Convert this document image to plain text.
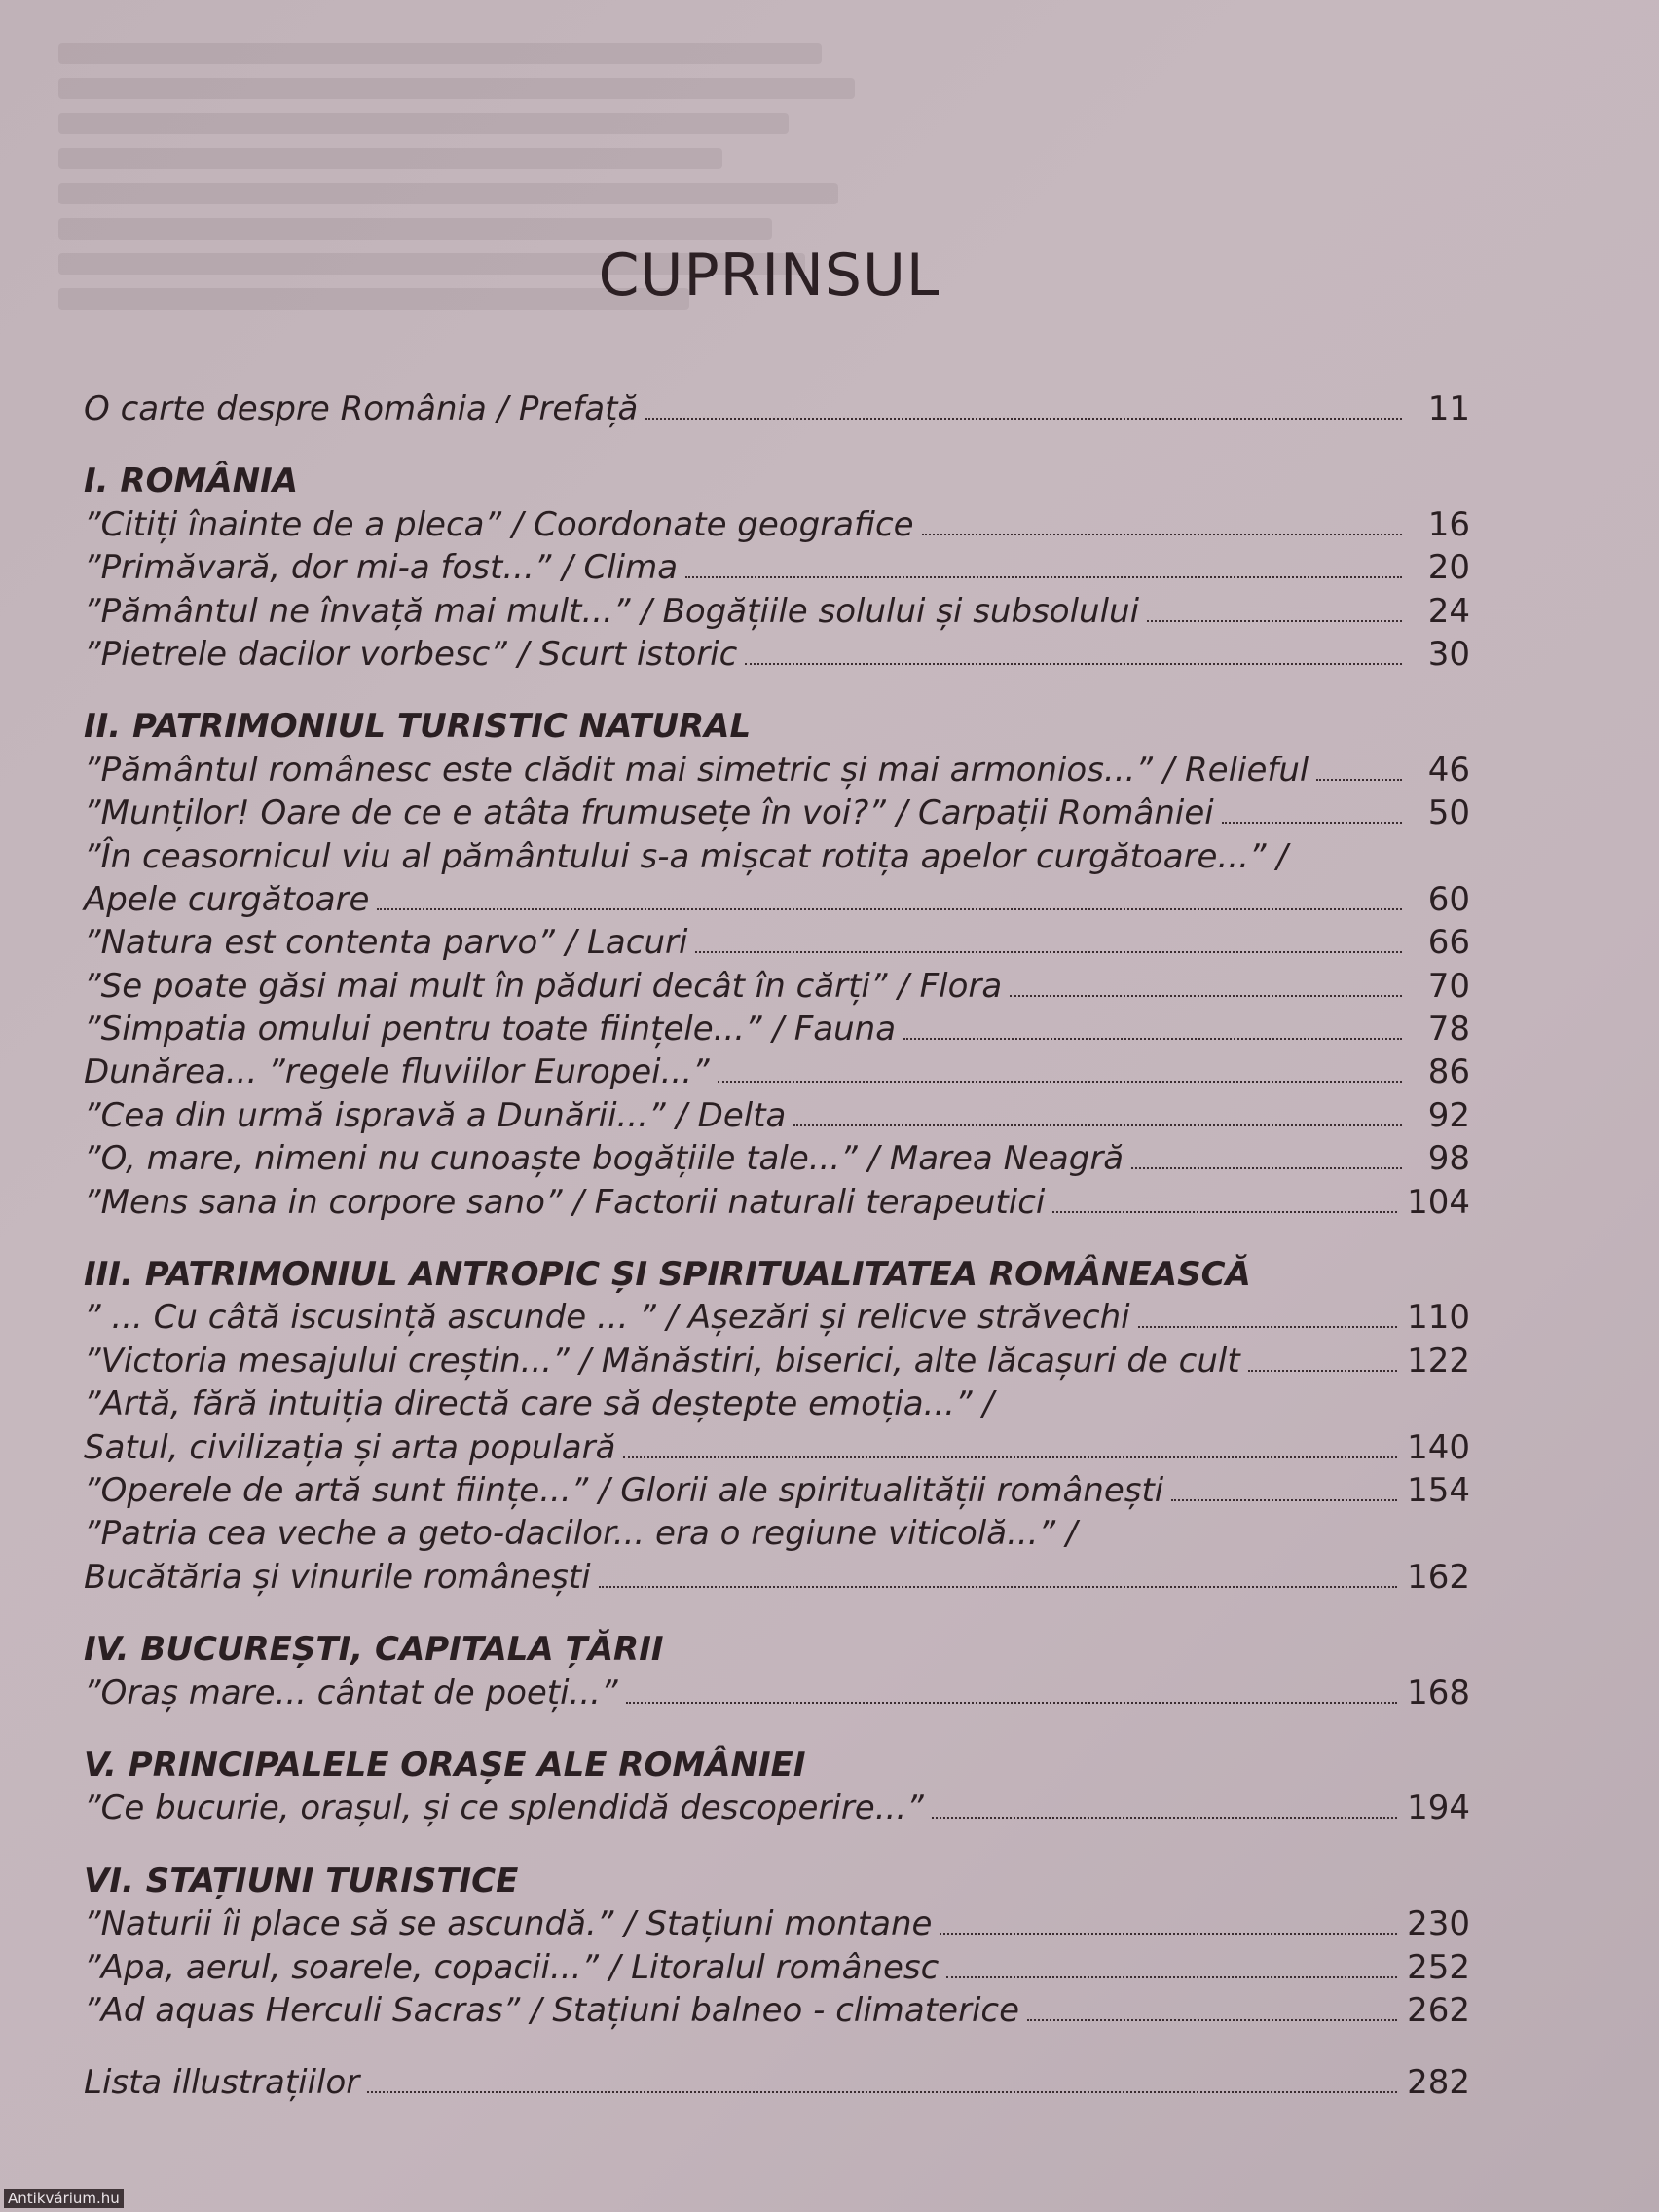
CUPRINSUL
O carte despre România / Prefață	11
I. ROMÂNIA
”Citiți înainte de a pleca” / Coordonate geografice	16
”Primăvară, dor mi-a fost...” / Clima	20
”Pământul ne învață mai mult...” / Bogățiile solului și subsolului	24
”Pietrele dacilor vorbesc” / Scurt istoric	30
II. PATRIMONIUL TURISTIC NATURAL
”Pământul românesc este clădit mai simetric și mai armonios...” / Relieful	46
”Munților! Oare de ce e atâta frumusețe în voi?” / Carpații României	50
”În ceasornicul viu al pământului s-a mișcat rotița apelor curgătoare...” /
Apele curgătoare	60
”Natura est contenta parvo” / Lacuri	66
”Se poate găsi mai mult în păduri decât în cărți” / Flora	70
”Simpatia omului pentru toate ființele...” / Fauna	78
Dunărea... ”regele fluviilor Europei...”	86
”Cea din urmă ispravă a Dunării...” / Delta	92
”O, mare, nimeni nu cunoaște bogățiile tale...” / Marea Neagră	98
”Mens sana in corpore sano” / Factorii naturali terapeutici	104
III. PATRIMONIUL ANTROPIC ȘI SPIRITUALITATEA ROMÂNEASCĂ
” ... Cu câtă iscusință ascunde ... ” / Așezări și relicve străvechi	110
”Victoria mesajului creștin...” / Mănăstiri, biserici, alte lăcașuri de cult	122
”Artă, fără intuiția directă care să deștepte emoția...” /
Satul, civilizația și arta populară	140
”Operele de artă sunt ființe...” / Glorii ale spiritualității românești	154
”Patria cea veche a geto-dacilor... era o regiune viticolă...” /
Bucătăria și vinurile românești	162
IV. BUCUREȘTI, CAPITALA ȚĂRII
”Oraș mare... cântat de poeți...”	168
V. PRINCIPALELE ORAȘE ALE ROMÂNIEI
”Ce bucurie, orașul, și ce splendidă descoperire...”	194
VI. STAȚIUNI TURISTICE
”Naturii îi place să se ascundă.” / Stațiuni montane	230
”Apa, aerul, soarele, copacii...” / Litoralul românesc	252
”Ad aquas Herculi Sacras” / Stațiuni balneo - climaterice	262
Lista illustrațiilor	282
Antikvárium.hu
